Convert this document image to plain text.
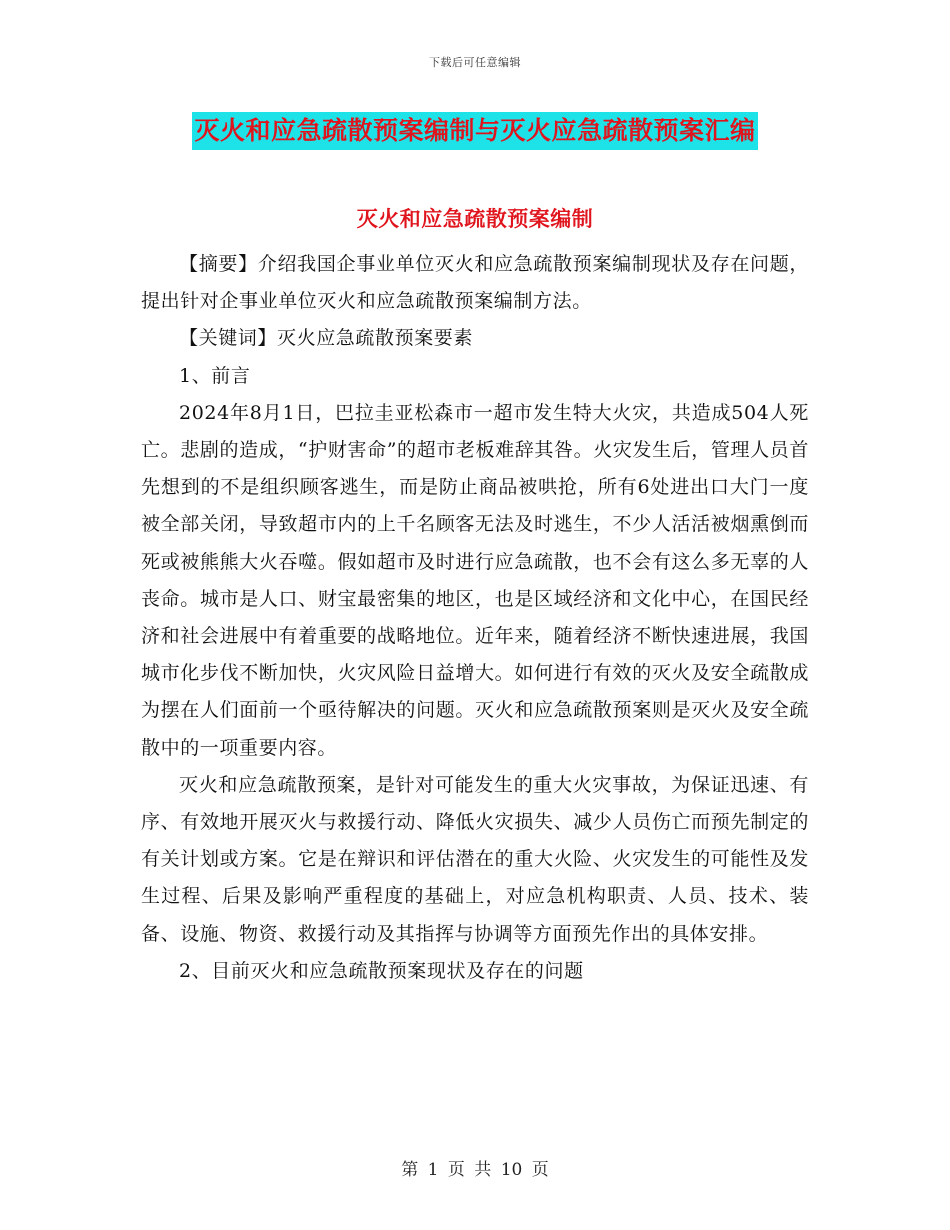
下载后可任意编辑
灭火和应急疏散预案编制与灭火应急疏散预案汇编
灭火和应急疏散预案编制

【摘要】介绍我国企事业单位灭火和应急疏散预案编制现状及存在问题，提出针对企事业单位灭火和应急疏散预案编制方法。

【关键词】灭火应急疏散预案要素

1、前言

2024年8月1日，巴拉圭亚松森市一超市发生特大火灾，共造成504人死亡。悲剧的造成，“护财害命”的超市老板难辞其咎。火灾发生后，管理人员首先想到的不是组织顾客逃生，而是防止商品被哄抢，所有6处进出口大门一度被全部关闭，导致超市内的上千名顾客无法及时逃生，不少人活活被烟熏倒而死或被熊熊大火吞噬。假如超市及时进行应急疏散，也不会有这么多无辜的人丧命。城市是人口、财宝最密集的地区，也是区域经济和文化中心，在国民经济和社会进展中有着重要的战略地位。近年来，随着经济不断快速进展，我国城市化步伐不断加快，火灾风险日益增大。如何进行有效的灭火及安全疏散成为摆在人们面前一个亟待解决的问题。灭火和应急疏散预案则是灭火及安全疏散中的一项重要内容。

灭火和应急疏散预案，是针对可能发生的重大火灾事故，为保证迅速、有序、有效地开展灭火与救援行动、降低火灾损失、减少人员伤亡而预先制定的有关计划或方案。它是在辩识和评估潜在的重大火险、火灾发生的可能性及发生过程、后果及影响严重程度的基础上，对应急机构职责、人员、技术、装备、设施、物资、救援行动及其指挥与协调等方面预先作出的具体安排。

2、目前灭火和应急疏散预案现状及存在的问题

第 1 页 共 10 页
